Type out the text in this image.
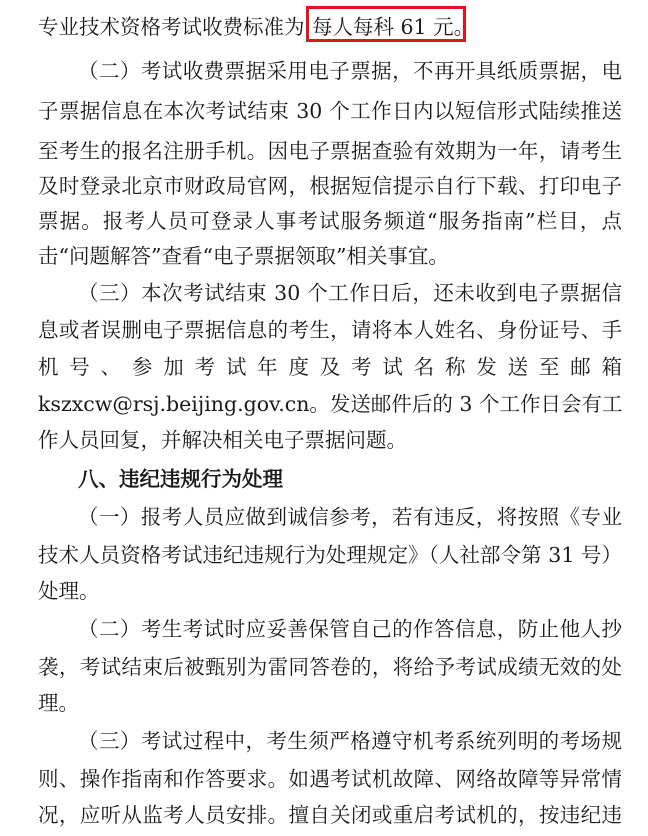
专业技术资格考试收费标准为 每人每科 61 元。
（二）考试收费票据采用电子票据，不再开具纸质票据，电
子票据信息在本次考试结束 30 个工作日内以短信形式陆续推送
至考生的报名注册手机。因电子票据查验有效期为一年，请考生
及时登录北京市财政局官网，根据短信提示自行下载、打印电子
票据。报考人员可登录人事考试服务频道“服务指南”栏目，点
击“问题解答”查看“电子票据领取”相关事宜。
（三）本次考试结束 30 个工作日后，还未收到电子票据信
息或者误删电子票据信息的考生，请将本人姓名、身份证号、手
机 号 、 参 加 考 试 年 度 及 考 试 名 称 发 送 至 邮 箱
kszxcw@rsj.beijing.gov.cn。发送邮件后的 3 个工作日会有工
作人员回复，并解决相关电子票据问题。
八、违纪违规行为处理
（一）报考人员应做到诚信参考，若有违反，将按照《专业
技术人员资格考试违纪违规行为处理规定》（人社部令第 31 号）
处理。
（二）考生考试时应妥善保管自己的作答信息，防止他人抄
袭，考试结束后被甄别为雷同答卷的，将给予考试成绩无效的处
理。
（三）考试过程中，考生须严格遵守机考系统列明的考场规
则、操作指南和作答要求。如遇考试机故障、网络故障等异常情
况，应听从监考人员安排。擅自关闭或重启考试机的，按违纪违
